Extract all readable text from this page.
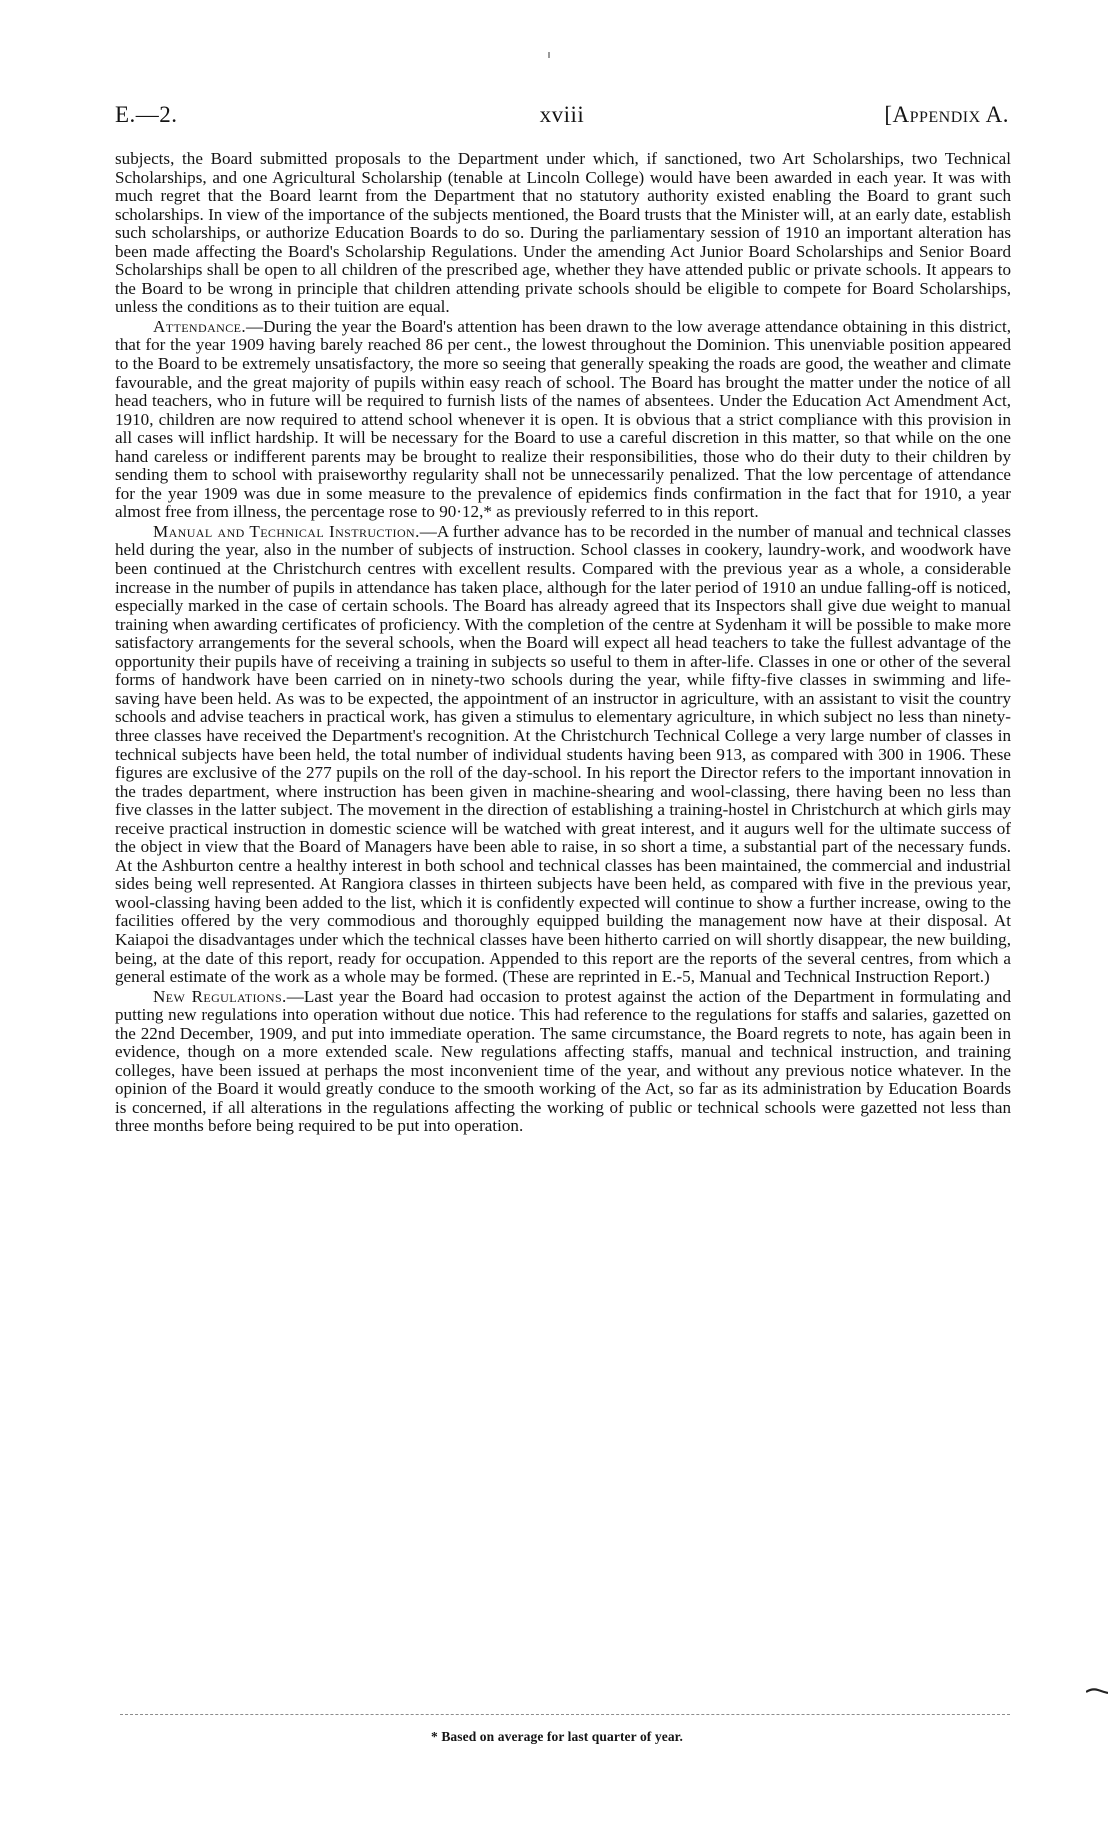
E.—2.	xviii	[Appendix A.

subjects, the Board submitted proposals to the Department under which, if sanctioned, two Art Scholarships, two Technical Scholarships, and one Agricultural Scholarship (tenable at Lincoln College) would have been awarded in each year. It was with much regret that the Board learnt from the Department that no statutory authority existed enabling the Board to grant such scholarships. In view of the importance of the subjects mentioned, the Board trusts that the Minister will, at an early date, establish such scholarships, or authorize Education Boards to do so. During the parliamentary session of 1910 an important alteration has been made affecting the Board's Scholarship Regulations. Under the amending Act Junior Board Scholarships and Senior Board Scholarships shall be open to all children of the prescribed age, whether they have attended public or private schools. It appears to the Board to be wrong in principle that children attending private schools should be eligible to compete for Board Scholarships, unless the conditions as to their tuition are equal.

Attendance.—During the year the Board's attention has been drawn to the low average attendance obtaining in this district, that for the year 1909 having barely reached 86 per cent., the lowest throughout the Dominion. This unenviable position appeared to the Board to be extremely unsatisfactory, the more so seeing that generally speaking the roads are good, the weather and climate favourable, and the great majority of pupils within easy reach of school. The Board has brought the matter under the notice of all head teachers, who in future will be required to furnish lists of the names of absentees. Under the Education Act Amendment Act, 1910, children are now required to attend school whenever it is open. It is obvious that a strict compliance with this provision in all cases will inflict hardship. It will be necessary for the Board to use a careful discretion in this matter, so that while on the one hand careless or indifferent parents may be brought to realize their responsibilities, those who do their duty to their children by sending them to school with praiseworthy regularity shall not be unnecessarily penalized. That the low percentage of attendance for the year 1909 was due in some measure to the prevalence of epidemics finds confirmation in the fact that for 1910, a year almost free from illness, the percentage rose to 90·12,* as previously referred to in this report.

Manual and Technical Instruction.—A further advance has to be recorded in the number of manual and technical classes held during the year, also in the number of subjects of instruction. School classes in cookery, laundry-work, and woodwork have been continued at the Christchurch centres with excellent results. Compared with the previous year as a whole, a considerable increase in the number of pupils in attendance has taken place, although for the later period of 1910 an undue falling-off is noticed, especially marked in the case of certain schools. The Board has already agreed that its Inspectors shall give due weight to manual training when awarding certificates of proficiency. With the completion of the centre at Sydenham it will be possible to make more satisfactory arrangements for the several schools, when the Board will expect all head teachers to take the fullest advantage of the opportunity their pupils have of receiving a training in subjects so useful to them in after-life. Classes in one or other of the several forms of handwork have been carried on in ninety-two schools during the year, while fifty-five classes in swimming and life-saving have been held. As was to be expected, the appointment of an instructor in agriculture, with an assistant to visit the country schools and advise teachers in practical work, has given a stimulus to elementary agriculture, in which subject no less than ninety-three classes have received the Department's recognition. At the Christchurch Technical College a very large number of classes in technical subjects have been held, the total number of individual students having been 913, as compared with 300 in 1906. These figures are exclusive of the 277 pupils on the roll of the day-school. In his report the Director refers to the important innovation in the trades department, where instruction has been given in machine-shearing and wool-classing, there having been no less than five classes in the latter subject. The movement in the direction of establishing a training-hostel in Christchurch at which girls may receive practical instruction in domestic science will be watched with great interest, and it augurs well for the ultimate success of the object in view that the Board of Managers have been able to raise, in so short a time, a substantial part of the necessary funds. At the Ashburton centre a healthy interest in both school and technical classes has been maintained, the commercial and industrial sides being well represented. At Rangiora classes in thirteen subjects have been held, as compared with five in the previous year, wool-classing having been added to the list, which it is confidently expected will continue to show a further increase, owing to the facilities offered by the very commodious and thoroughly equipped building the management now have at their disposal. At Kaiapoi the disadvantages under which the technical classes have been hitherto carried on will shortly disappear, the new building, being, at the date of this report, ready for occupation. Appended to this report are the reports of the several centres, from which a general estimate of the work as a whole may be formed. (These are reprinted in E.-5, Manual and Technical Instruction Report.)

New Regulations.—Last year the Board had occasion to protest against the action of the Department in formulating and putting new regulations into operation without due notice. This had reference to the regulations for staffs and salaries, gazetted on the 22nd December, 1909, and put into immediate operation. The same circumstance, the Board regrets to note, has again been in evidence, though on a more extended scale. New regulations affecting staffs, manual and technical instruction, and training colleges, have been issued at perhaps the most inconvenient time of the year, and without any previous notice whatever. In the opinion of the Board it would greatly conduce to the smooth working of the Act, so far as its administration by Education Boards is concerned, if all alterations in the regulations affecting the working of public or technical schools were gazetted not less than three months before being required to be put into operation.

* Based on average for last quarter of year.
